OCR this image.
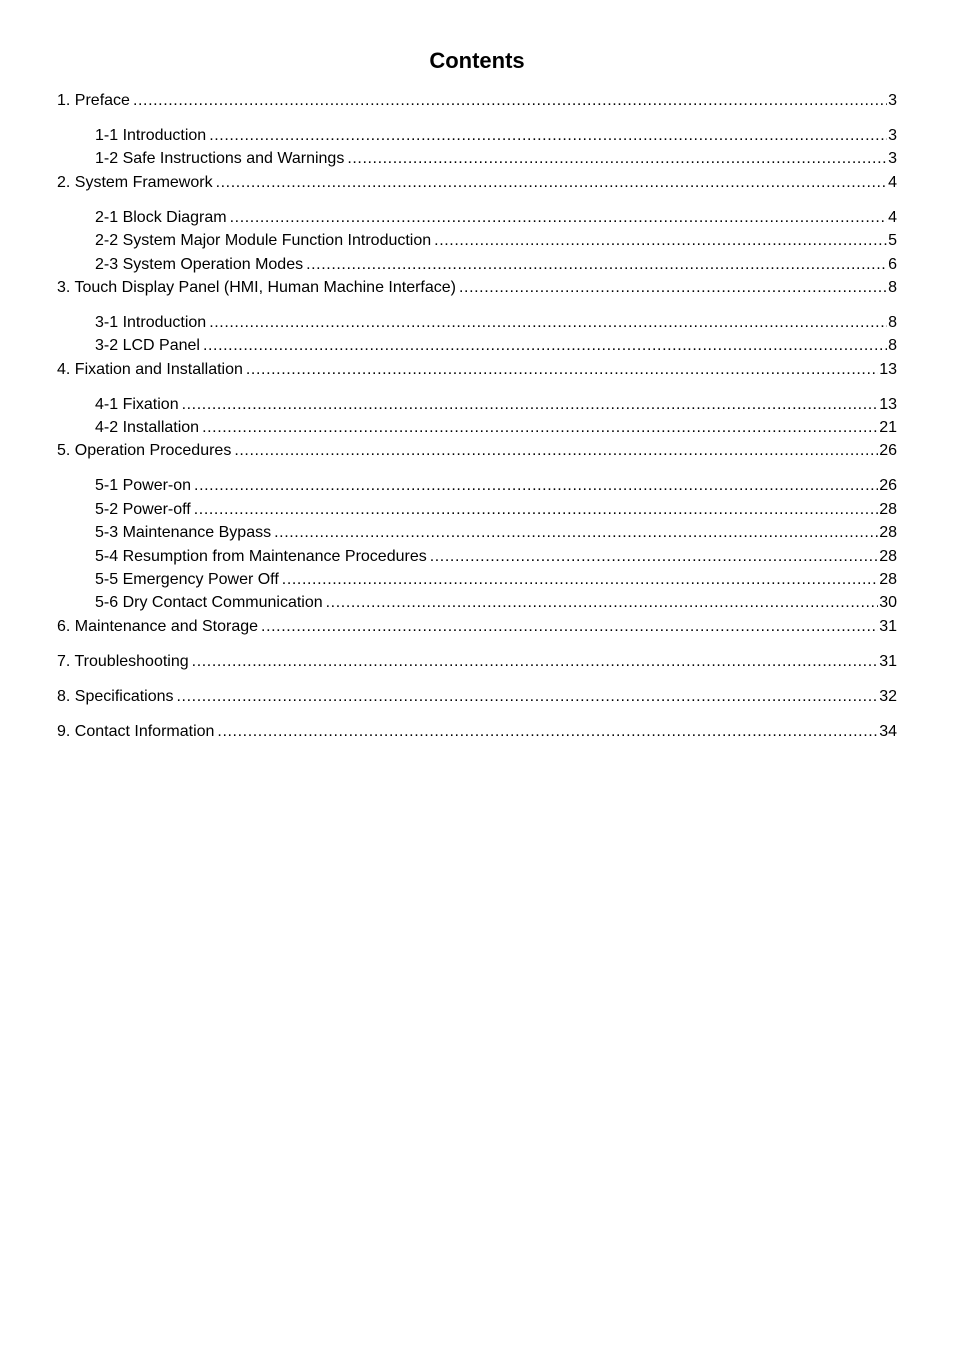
Contents
1. Preface .....	3
1-1 Introduction .....	3
1-2 Safe Instructions and Warnings .....	3
2. System Framework .....	4
2-1 Block Diagram .....	4
2-2 System Major Module Function Introduction .....	5
2-3 System Operation Modes .....	6
3. Touch Display Panel (HMI, Human Machine Interface) .....	8
3-1 Introduction .....	8
3-2 LCD Panel .....	8
4. Fixation and Installation .....	13
4-1 Fixation .....	13
4-2 Installation .....	21
5. Operation Procedures .....	26
5-1 Power-on .....	26
5-2 Power-off .....	28
5-3 Maintenance Bypass .....	28
5-4 Resumption from Maintenance Procedures .....	28
5-5 Emergency Power Off .....	28
5-6 Dry Contact Communication .....	30
6. Maintenance and Storage .....	31
7. Troubleshooting .....	31
8. Specifications .....	32
9. Contact Information .....	34
